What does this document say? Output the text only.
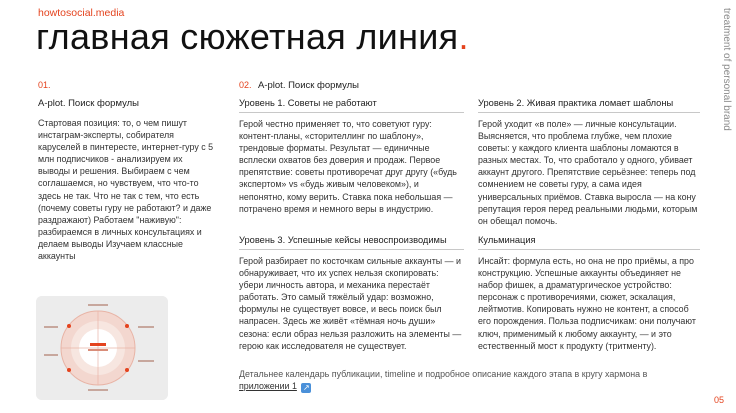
howtosocial.media
главная сюжетная линия.	treatment of personal brand
01.
A-plot. Поиск формулы
Стартовая позиция: то, о чем пишут инстаграм-эксперты, собирателя каруселей в пинтересте, интернет-гуру с 5 млн подписчиков - анализируем их выводы и решения. Выбираем с чем соглашаемся, но чувствуем, что что-то здесь не так. Что не так с тем, что есть (почему советы гуру не работают? и даже раздражают) Работаем "наживую": разбираемся в личных консультациях и делаем выводы Изучаем классные аккаунты
02. A-plot. Поиск формулы
Уровень 1. Советы не работают
Герой честно применяет то, что советуют гуру: контент-планы, «сторителлинг по шаблону», трендовые форматы. Результат — единичные всплески охватов без доверия и продаж. Первое препятствие: советы противоречат друг другу («будь экспертом» vs «будь живым человеком»), и непонятно, кому верить. Ставка пока небольшая — потрачено время и немного веры в индустрию.
Уровень 2. Живая практика ломает шаблоны
Герой уходит «в поле» — личные консультации. Выясняется, что проблема глубже, чем плохие советы: у каждого клиента шаблоны ломаются в разных местах. То, что сработало у одного, убивает аккаунт другого. Препятствие серьёзнее: теперь под сомнением не советы гуру, а сама идея универсальных приёмов. Ставка выросла — на кону репутация героя перед реальными людьми, которым он обещал помочь.
Уровень 3. Успешные кейсы невоспроизводимы
Герой разбирает по косточкам сильные аккаунты — и обнаруживает, что их успех нельзя скопировать: убери личность автора, и механика перестаёт работать. Это самый тяжёлый удар: возможно, формулы не существует вовсе, и весь поиск был напрасен. Здесь же живёт «тёмная ночь души» сезона: если образ нельзя разложить на элементы — герою как исследователя не существует.
Кульминация
Инсайт: формула есть, но она не про приёмы, а про конструкцию. Успешные аккаунты объединяет не набор фишек, а драматургическое устройство: персонаж с противоречиями, сюжет, эскалация, лейтмотив. Копировать нужно не контент, а способ его порождения. Польза подписчикам: они получают ключ, применимый к любому аккаунту, — и это естественный мост к продукту (тритменту).
Детальнее календарь публикации, timeline и подробное описание каждого этапа в кругу хармона в приложении 1 ↗
05
